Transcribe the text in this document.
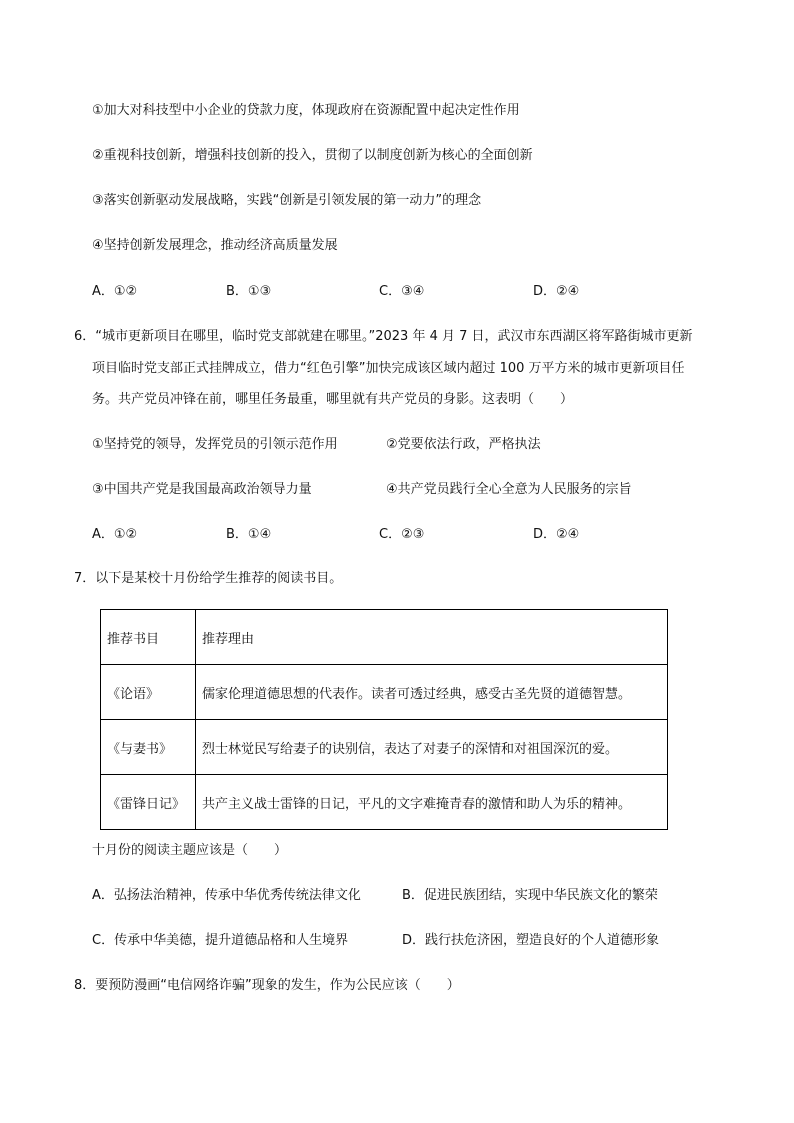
①加大对科技型中小企业的贷款力度，体现政府在资源配置中起决定性作用
②重视科技创新，增强科技创新的投入，贯彻了以制度创新为核心的全面创新
③落实创新驱动发展战略，实践“创新是引领发展的第一动力”的理念
④坚持创新发展理念，推动经济高质量发展
A．①②	B．①③	C．③④	D．②④
6．“城市更新项目在哪里，临时党支部就建在哪里。”2023 年 4 月 7 日，武汉市东西湖区将军路街城市更新
项目临时党支部正式挂牌成立，借力“红色引擎”加快完成该区域内超过 100 万平方米的城市更新项目任
务。共产党员冲锋在前，哪里任务最重，哪里就有共产党员的身影。这表明（　　）
①坚持党的领导，发挥党员的引领示范作用	②党要依法行政，严格执法
③中国共产党是我国最高政治领导力量	④共产党员践行全心全意为人民服务的宗旨
A．①②	B．①④	C．②③	D．②④
7．以下是某校十月份给学生推荐的阅读书目。
推荐书目	推荐理由
《论语》	儒家伦理道德思想的代表作。读者可透过经典，感受古圣先贤的道德智慧。
《与妻书》	烈士林觉民写给妻子的诀别信，表达了对妻子的深情和对祖国深沉的爱。
《雷锋日记》	共产主义战士雷锋的日记，平凡的文字难掩青春的激情和助人为乐的精神。
十月份的阅读主题应该是（　　）
A．弘扬法治精神，传承中华优秀传统法律文化	B．促进民族团结，实现中华民族文化的繁荣
C．传承中华美德，提升道德品格和人生境界	D．践行扶危济困，塑造良好的个人道德形象
8．要预防漫画“电信网络诈骗”现象的发生，作为公民应该（　　）
